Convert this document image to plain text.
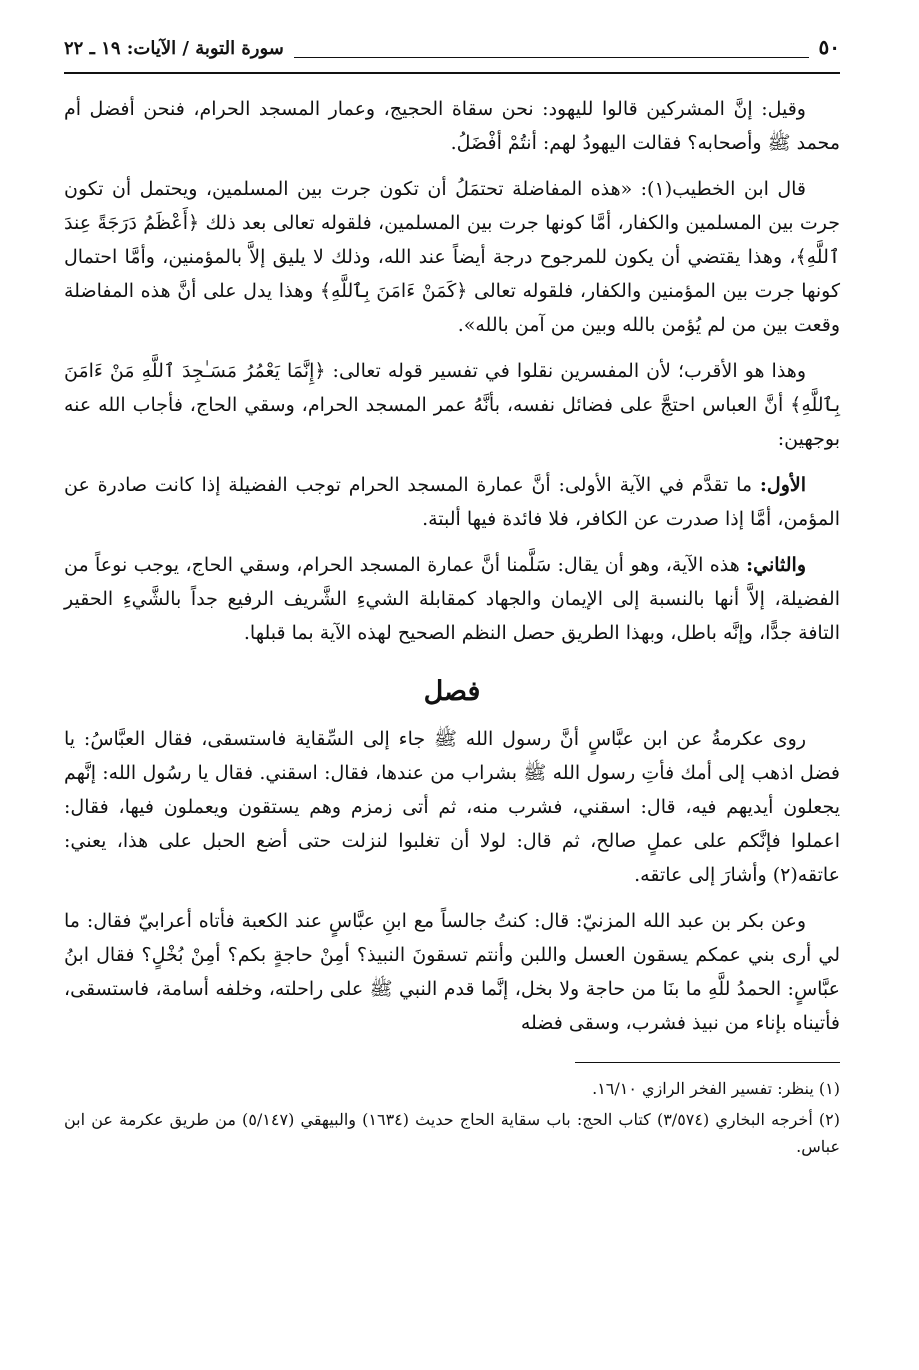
٥٠
سورة التوبة / الآيات: ١٩ ـ ٢٢

وقيل: إنَّ المشركين قالوا لليهود: نحن سقاة الحجيج، وعمار المسجد الحرام، فنحن أفضل أم محمد ﷺ وأصحابه؟ فقالت اليهودُ لهم: أنتُمْ أفْضَلُ.

قال ابن الخطيب(١): «هذه المفاضلة تحتمَلُ أن تكون جرت بين المسلمين، ويحتمل أن تكون جرت بين المسلمين والكفار، أمَّا كونها جرت بين المسلمين، فلقوله تعالى بعد ذلك ﴿أَعْظَمُ دَرَجَةً عِندَ ٱللَّهِ﴾، وهذا يقتضي أن يكون للمرجوح درجة أيضاً عند الله، وذلك لا يليق إلاَّ بالمؤمنين، وأمَّا احتمال كونها جرت بين المؤمنين والكفار، فلقوله تعالى ﴿كَمَنْ ءَامَنَ بِٱللَّهِ﴾ وهذا يدل على أنَّ هذه المفاضلة وقعت بين من لم يُؤمن بالله وبين من آمن بالله».

وهذا هو الأقرب؛ لأن المفسرين نقلوا في تفسير قوله تعالى: ﴿إِنَّمَا يَعْمُرُ مَسَـٰجِدَ ٱللَّهِ مَنْ ءَامَنَ بِٱللَّهِ﴾ أنَّ العباس احتجَّ على فضائل نفسه، بأنَّهُ عمر المسجد الحرام، وسقي الحاج، فأجاب الله عنه بوجهين:

الأول: ما تقدَّم في الآية الأولى: أنَّ عمارة المسجد الحرام توجب الفضيلة إذا كانت صادرة عن المؤمن، أمَّا إذا صدرت عن الكافر، فلا فائدة فيها ألبتة.

والثاني: هذه الآية، وهو أن يقال: سَلَّمنا أنَّ عمارة المسجد الحرام، وسقي الحاج، يوجب نوعاً من الفضيلة، إلاَّ أنها بالنسبة إلى الإيمان والجهاد كمقابلة الشيءِ الشَّريف الرفيع جداً بالشَّيءِ الحقير التافة جدًّا، وإنَّه باطل، وبهذا الطريق حصل النظم الصحيح لهذه الآية بما قبلها.

فصل

روى عكرمةُ عن ابن عبَّاسٍ أنَّ رسول الله ﷺ جاء إلى السِّقاية فاستسقى، فقال العبَّاسُ: يا فضل اذهب إلى أمك فأتِ رسول الله ﷺ بشراب من عندها، فقال: اسقني. فقال يا رسُول الله: إنَّهم يجعلون أيديهم فيه، قال: اسقني، فشرب منه، ثم أتى زمزم وهم يستقون ويعملون فيها، فقال: اعملوا فإنَّكم على عملٍ صالح، ثم قال: لولا أن تغلبوا لنزلت حتى أضع الحبل على هذا، يعني: عاتقه(٢) وأشارَ إلى عاتقه.

وعن بكر بن عبد الله المزنيّ: قال: كنتُ جالساً مع ابنِ عبَّاسٍ عند الكعبة فأتاه أعرابيّ فقال: ما لي أرى بني عمكم يسقون العسل واللبن وأنتم تسقونَ النبيذ؟ أمِنْ حاجةٍ بكم؟ أمِنْ بُخْلٍ؟ فقال ابنُ عبَّاسٍ: الحمدُ للَّهِ ما بنَا من حاجة ولا بخل، إنَّما قدم النبي ﷺ على راحلته، وخلفه أسامة، فاستسقى، فأتيناه بإناء من نبيذ فشرب، وسقى فضله

(١) ينظر: تفسير الفخر الرازي ١٦/١٠.

(٢) أخرجه البخاري (٣/٥٧٤) كتاب الحج: باب سقاية الحاج حديث (١٦٣٤) والبيهقي (٥/١٤٧) من طريق عكرمة عن ابن عباس.
